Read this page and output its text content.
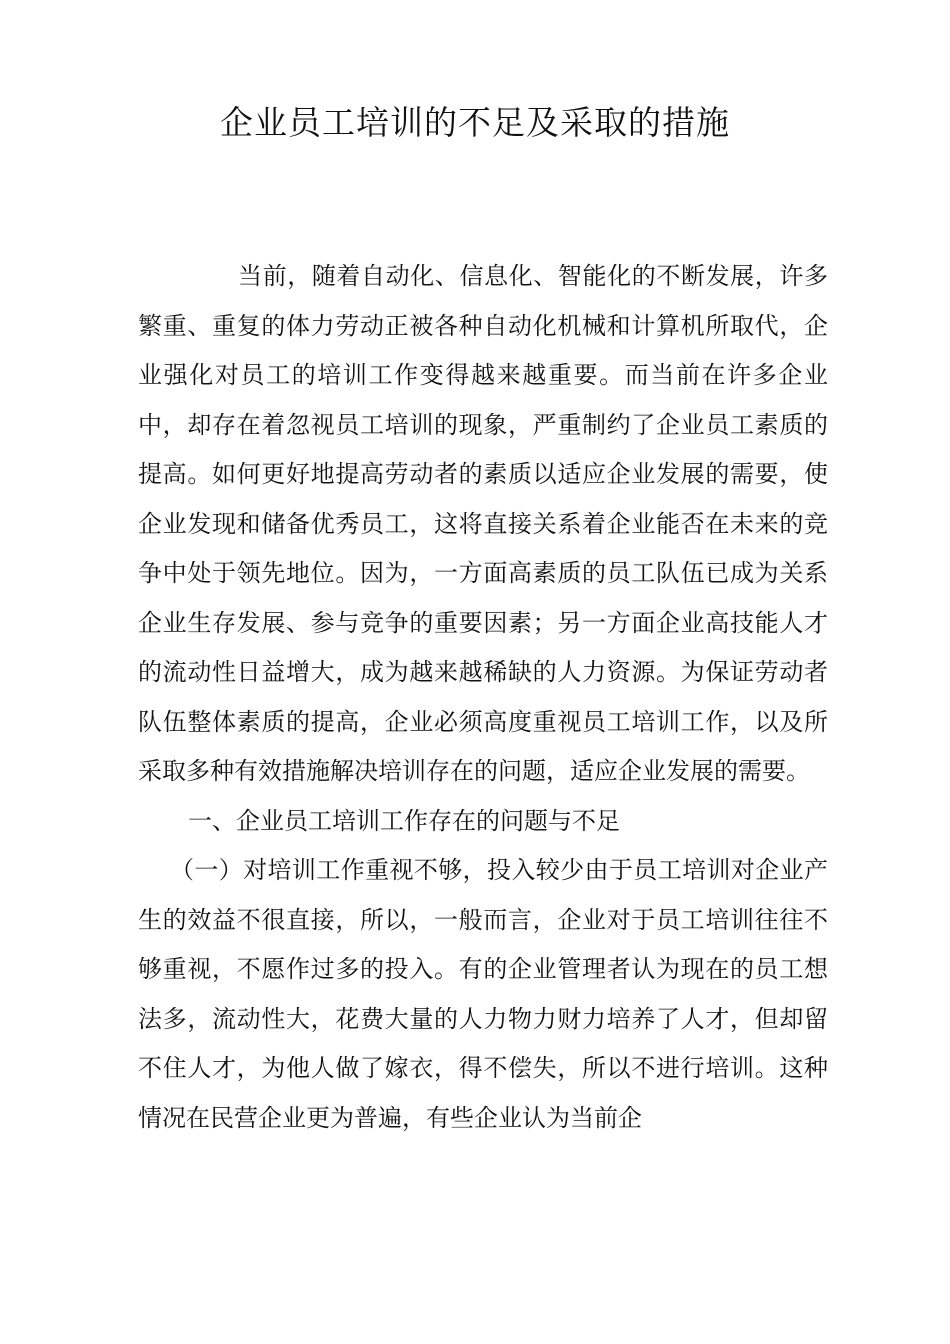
企业员工培训的不足及采取的措施

当前，随着自动化、信息化、智能化的不断发展，许多繁重、重复的体力劳动正被各种自动化机械和计算机所取代，企业强化对员工的培训工作变得越来越重要。而当前在许多企业中，却存在着忽视员工培训的现象，严重制约了企业员工素质的提高。如何更好地提高劳动者的素质以适应企业发展的需要，使企业发现和储备优秀员工，这将直接关系着企业能否在未来的竞争中处于领先地位。因为，一方面高素质的员工队伍已成为关系企业生存发展、参与竞争的重要因素；另一方面企业高技能人才的流动性日益增大，成为越来越稀缺的人力资源。为保证劳动者队伍整体素质的提高，企业必须高度重视员工培训工作，以及所采取多种有效措施解决培训存在的问题，适应企业发展的需要。

一、企业员工培训工作存在的问题与不足

（一）对培训工作重视不够，投入较少由于员工培训对企业产生的效益不很直接，所以，一般而言，企业对于员工培训往往不够重视，不愿作过多的投入。有的企业管理者认为现在的员工想法多，流动性大，花费大量的人力物力财力培养了人才，但却留不住人才，为他人做了嫁衣，得不偿失，所以不进行培训。这种情况在民营企业更为普遍，有些企业认为当前企
